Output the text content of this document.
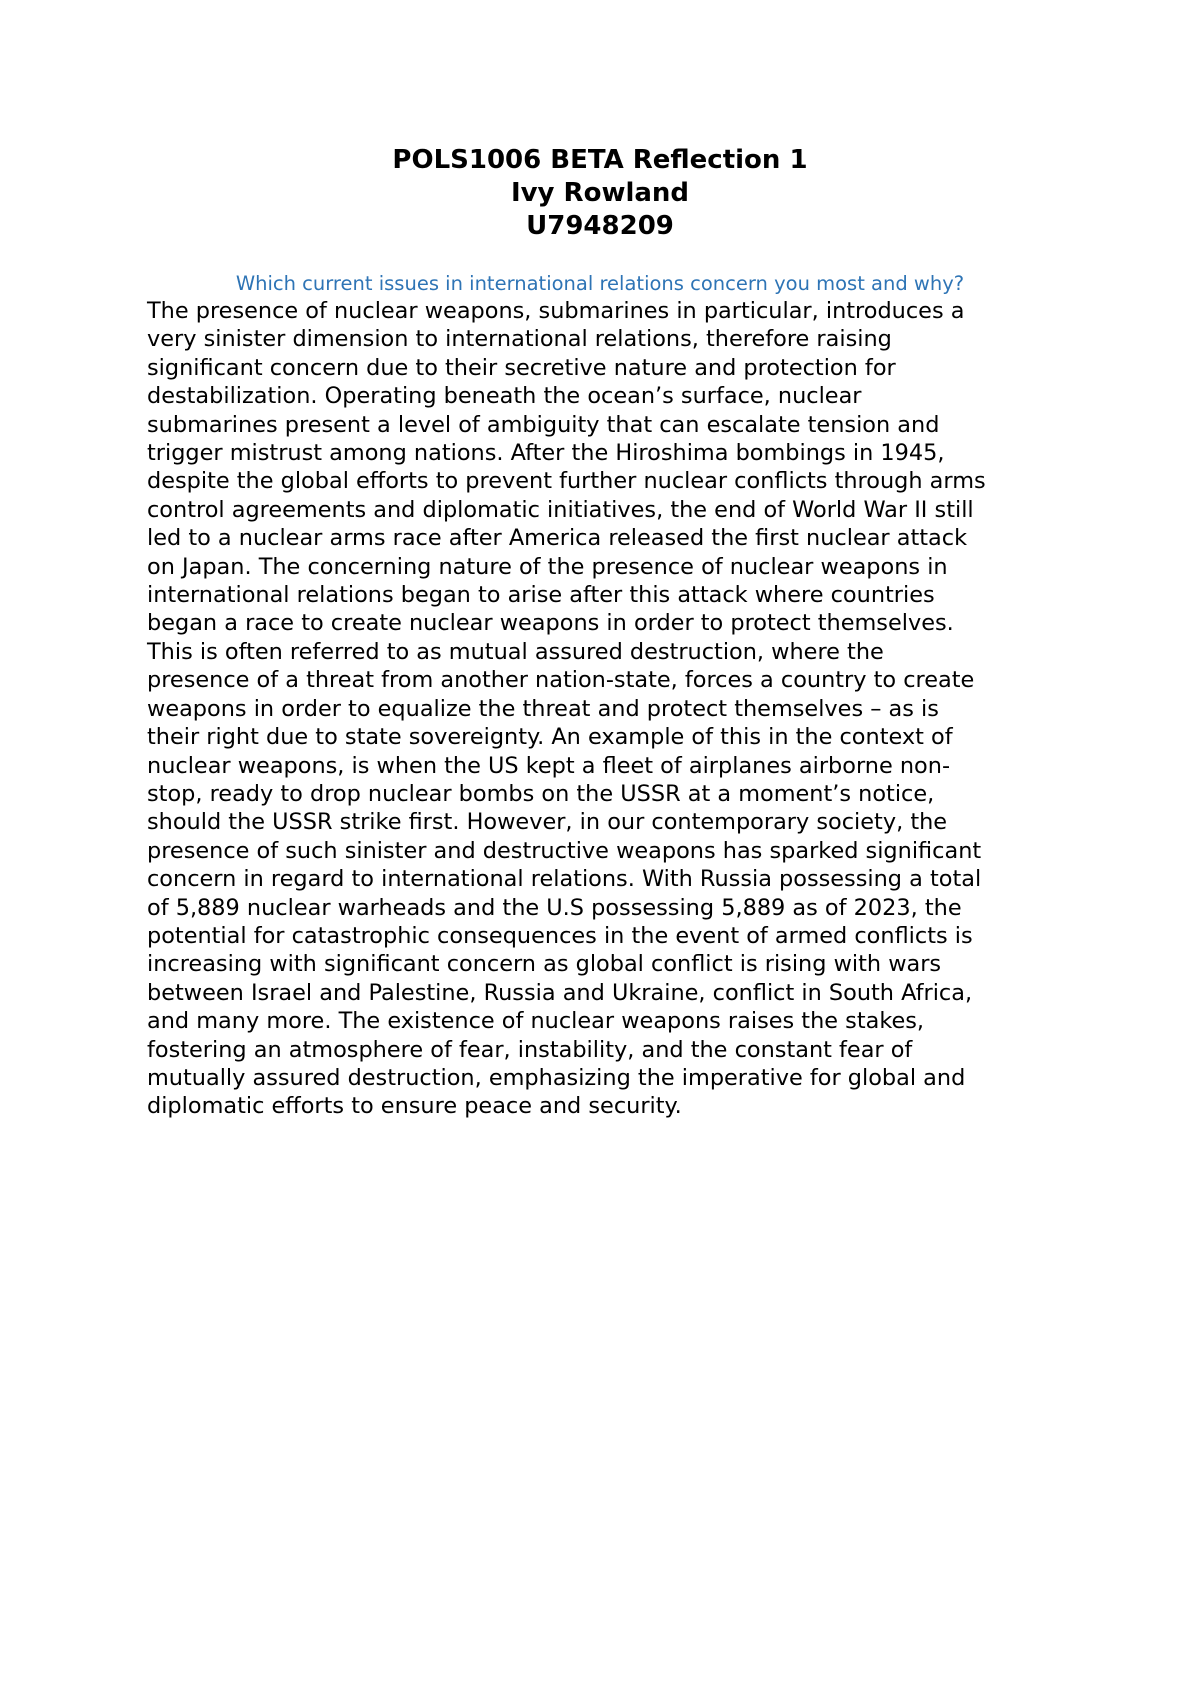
POLS1006 BETA Reflection 1
Ivy Rowland
U7948209
Which current issues in international relations concern you most and why?
The presence of nuclear weapons, submarines in particular, introduces a
very sinister dimension to international relations, therefore raising
significant concern due to their secretive nature and protection for
destabilization. Operating beneath the ocean’s surface, nuclear
submarines present a level of ambiguity that can escalate tension and
trigger mistrust among nations. After the Hiroshima bombings in 1945,
despite the global efforts to prevent further nuclear conflicts through arms
control agreements and diplomatic initiatives, the end of World War II still
led to a nuclear arms race after America released the first nuclear attack
on Japan. The concerning nature of the presence of nuclear weapons in
international relations began to arise after this attack where countries
began a race to create nuclear weapons in order to protect themselves.
This is often referred to as mutual assured destruction, where the
presence of a threat from another nation-state, forces a country to create
weapons in order to equalize the threat and protect themselves – as is
their right due to state sovereignty. An example of this in the context of
nuclear weapons, is when the US kept a fleet of airplanes airborne non-
stop, ready to drop nuclear bombs on the USSR at a moment’s notice,
should the USSR strike first. However, in our contemporary society, the
presence of such sinister and destructive weapons has sparked significant
concern in regard to international relations. With Russia possessing a total
of 5,889 nuclear warheads and the U.S possessing 5,889 as of 2023, the
potential for catastrophic consequences in the event of armed conflicts is
increasing with significant concern as global conflict is rising with wars
between Israel and Palestine, Russia and Ukraine, conflict in South Africa,
and many more. The existence of nuclear weapons raises the stakes,
fostering an atmosphere of fear, instability, and the constant fear of
mutually assured destruction, emphasizing the imperative for global and
diplomatic efforts to ensure peace and security.
